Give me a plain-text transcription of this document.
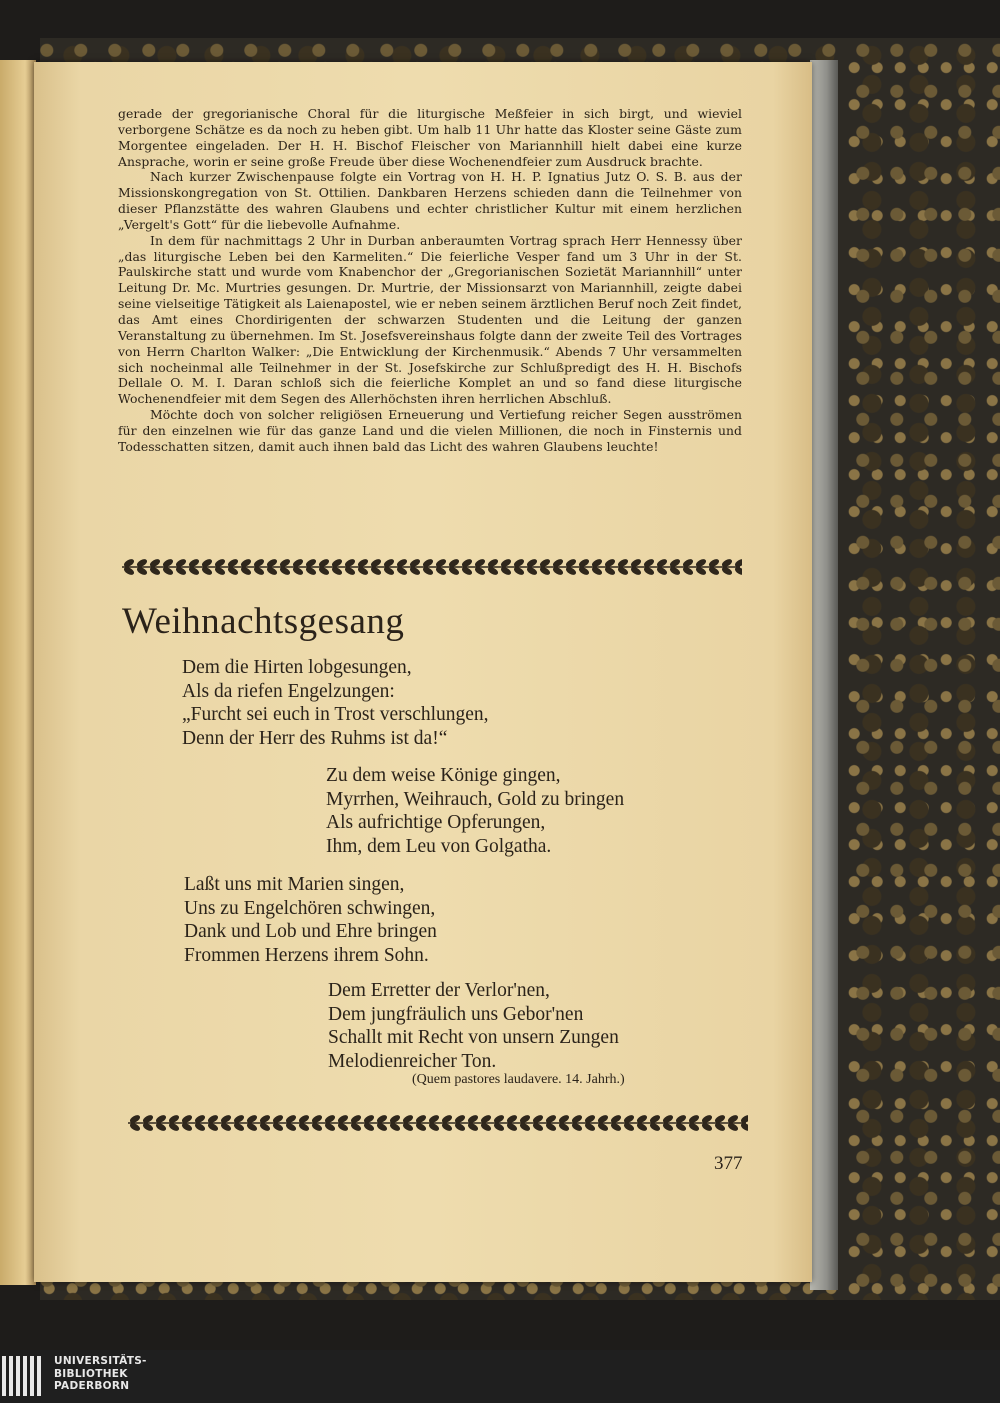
gerade der gregorianische Choral für die liturgische Meßfeier in sich birgt, und wieviel verborgene Schätze es da noch zu heben gibt. Um halb 11 Uhr hatte das Kloster seine Gäste zum Morgentee eingeladen. Der H. H. Bischof Fleischer von Mariannhill hielt dabei eine kurze Ansprache, worin er seine große Freude über diese Wochenendfeier zum Ausdruck brachte.

Nach kurzer Zwischenpause folgte ein Vortrag von H. H. P. Ignatius Jutz O. S. B. aus der Missionskongregation von St. Ottilien. Dankbaren Herzens schieden dann die Teilnehmer von dieser Pflanzstätte des wahren Glaubens und echter christlicher Kultur mit einem herzlichen „Vergelt's Gott“ für die liebevolle Aufnahme.

In dem für nachmittags 2 Uhr in Durban anberaumten Vortrag sprach Herr Hennessy über „das liturgische Leben bei den Karmeliten.“ Die feierliche Vesper fand um 3 Uhr in der St. Paulskirche statt und wurde vom Knabenchor der „Gregorianischen Sozietät Mariannhill“ unter Leitung Dr. Mc. Murtries gesungen. Dr. Murtrie, der Missionsarzt von Mariannhill, zeigte dabei seine vielseitige Tätigkeit als Laienapostel, wie er neben seinem ärztlichen Beruf noch Zeit findet, das Amt eines Chordirigenten der schwarzen Studenten und die Leitung der ganzen Veranstaltung zu übernehmen. Im St. Josefsvereinshaus folgte dann der zweite Teil des Vortrages von Herrn Charlton Walker: „Die Entwicklung der Kirchenmusik.“ Abends 7 Uhr versammelten sich nocheinmal alle Teilnehmer in der St. Josefskirche zur Schlußpredigt des H. H. Bischofs Dellale O. M. I. Daran schloß sich die feierliche Komplet an und so fand diese liturgische Wochenendfeier mit dem Segen des Allerhöchsten ihren herrlichen Abschluß.

Möchte doch von solcher religiösen Erneuerung und Vertiefung reicher Segen ausströmen für den einzelnen wie für das ganze Land und die vielen Millionen, die noch in Finsternis und Todesschatten sitzen, damit auch ihnen bald das Licht des wahren Glaubens leuchte!

Weihnachtsgesang
Dem die Hirten lobgesungen,
Als da riefen Engelzungen:
„Furcht sei euch in Trost verschlungen,
Denn der Herr des Ruhms ist da!“
Zu dem weise Könige gingen,
Myrrhen, Weihrauch, Gold zu bringen
Als aufrichtige Opferungen,
Ihm, dem Leu von Golgatha.
Laßt uns mit Marien singen,
Uns zu Engelchören schwingen,
Dank und Lob und Ehre bringen
Frommen Herzens ihrem Sohn.
Dem Erretter der Verlor'nen,
Dem jungfräulich uns Gebor'nen
Schallt mit Recht von unsern Zungen
Melodienreicher Ton.
(Quem pastores laudavere. 14. Jahrh.)
377
UNIVERSITÄTS-
BIBLIOTHEK
PADERBORN
